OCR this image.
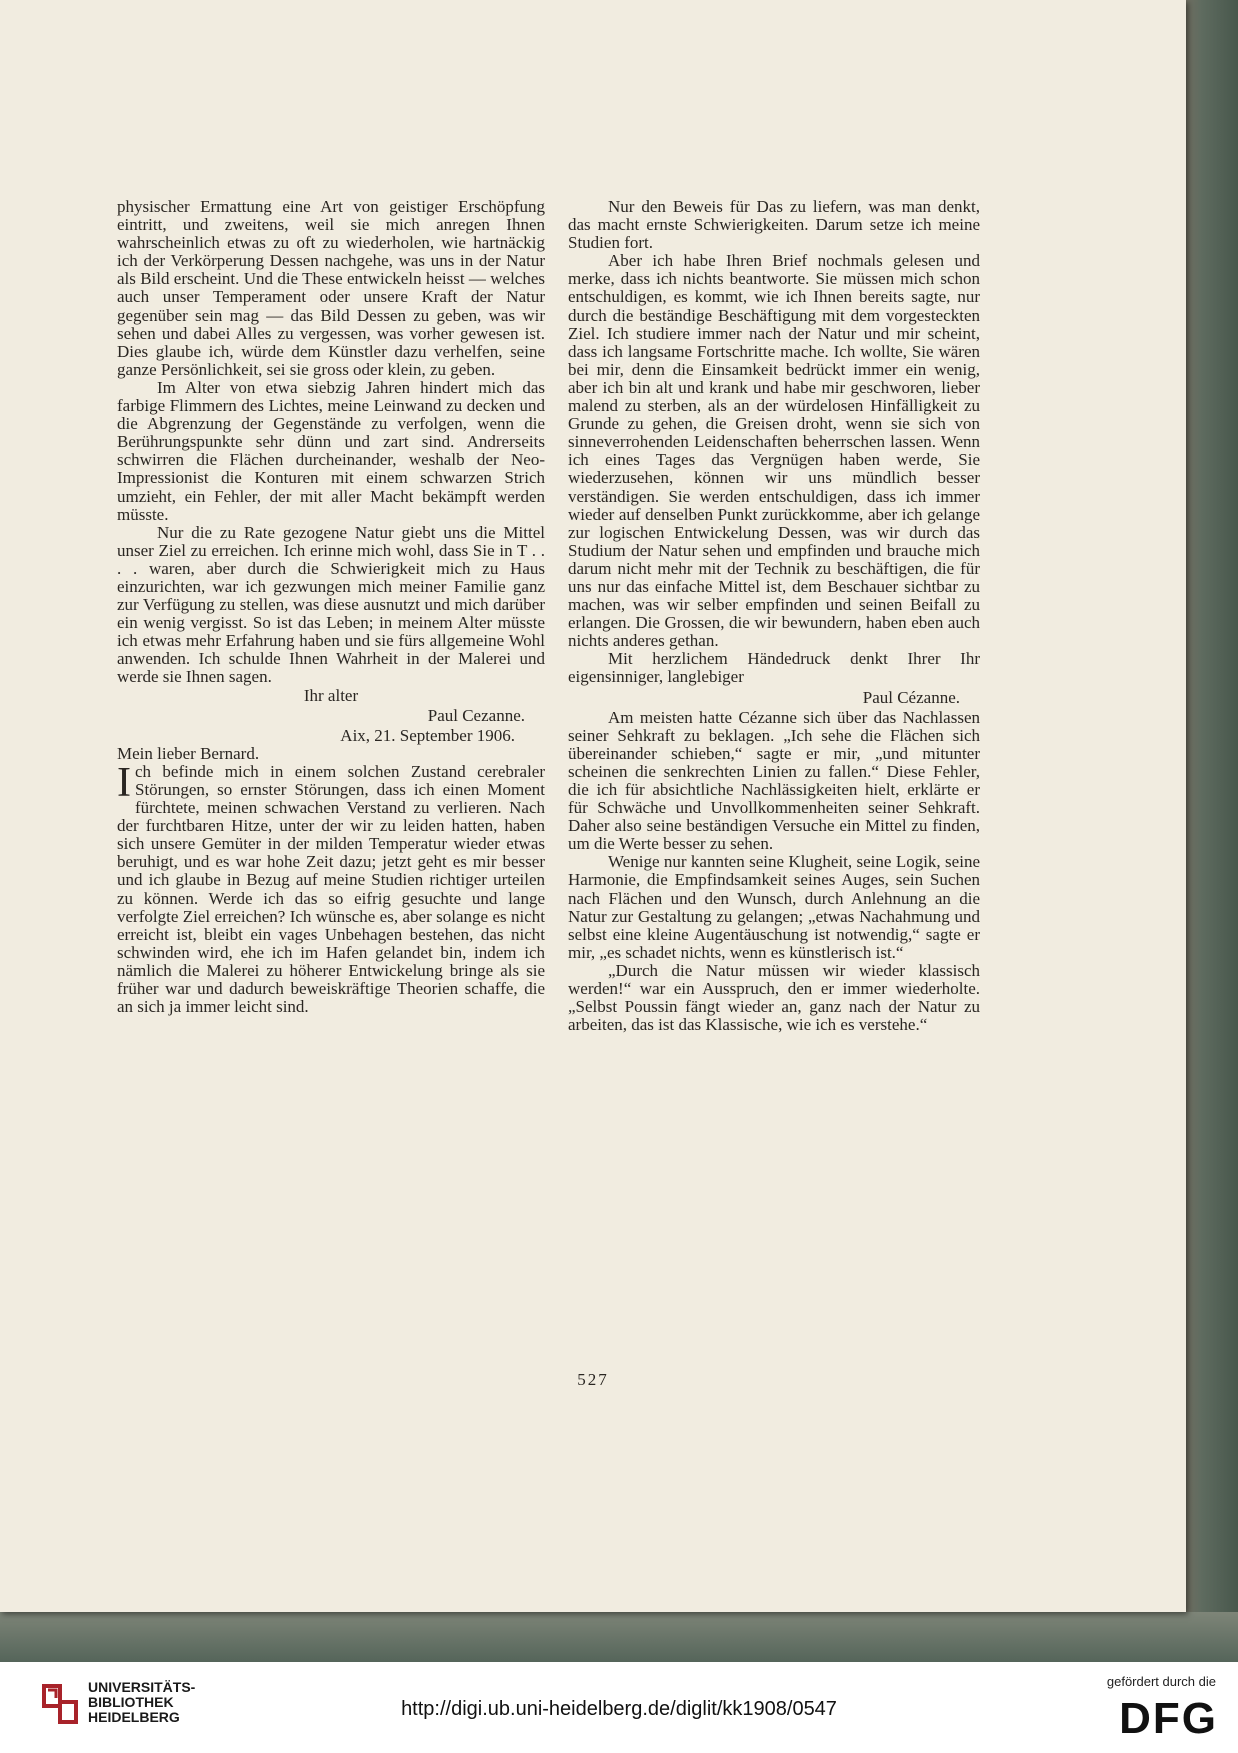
physischer Ermattung eine Art von geistiger Erschöpfung eintritt, und zweitens, weil sie mich anregen Ihnen wahrscheinlich etwas zu oft zu wiederholen, wie hartnäckig ich der Verkörperung Dessen nachgehe, was uns in der Natur als Bild erscheint. Und die These entwickeln heisst — welches auch unser Temperament oder unsere Kraft der Natur gegenüber sein mag — das Bild Dessen zu geben, was wir sehen und dabei Alles zu vergessen, was vorher gewesen ist. Dies glaube ich, würde dem Künstler dazu verhelfen, seine ganze Persönlichkeit, sei sie gross oder klein, zu geben.

Im Alter von etwa siebzig Jahren hindert mich das farbige Flimmern des Lichtes, meine Leinwand zu decken und die Abgrenzung der Gegenstände zu verfolgen, wenn die Berührungspunkte sehr dünn und zart sind. Andrerseits schwirren die Flächen durcheinander, weshalb der Neo-Impressionist die Konturen mit einem schwarzen Strich umzieht, ein Fehler, der mit aller Macht bekämpft werden müsste.

Nur die zu Rate gezogene Natur giebt uns die Mittel unser Ziel zu erreichen. Ich erinne mich wohl, dass Sie in T . . . . waren, aber durch die Schwierigkeit mich zu Haus einzurichten, war ich gezwungen mich meiner Familie ganz zur Verfügung zu stellen, was diese ausnutzt und mich darüber ein wenig vergisst. So ist das Leben; in meinem Alter müsste ich etwas mehr Erfahrung haben und sie fürs allgemeine Wohl anwenden. Ich schulde Ihnen Wahrheit in der Malerei und werde sie Ihnen sagen.

Ihr alter

Paul Cezanne.

Aix, 21. September 1906.

Mein lieber Bernard.

Ich befinde mich in einem solchen Zustand cerebraler Störungen, so ernster Störungen, dass ich einen Moment fürchtete, meinen schwachen Verstand zu verlieren. Nach der furchtbaren Hitze, unter der wir zu leiden hatten, haben sich unsere Gemüter in der milden Temperatur wieder etwas beruhigt, und es war hohe Zeit dazu; jetzt geht es mir besser und ich glaube in Bezug auf meine Studien richtiger urteilen zu können. Werde ich das so eifrig gesuchte und lange verfolgte Ziel erreichen? Ich wünsche es, aber solange es nicht erreicht ist, bleibt ein vages Unbehagen bestehen, das nicht schwinden wird, ehe ich im Hafen gelandet bin, indem ich nämlich die Malerei zu höherer Entwickelung bringe als sie früher war und dadurch beweiskräftige Theorien schaffe, die an sich ja immer leicht sind.

Nur den Beweis für Das zu liefern, was man denkt, das macht ernste Schwierigkeiten. Darum setze ich meine Studien fort.

Aber ich habe Ihren Brief nochmals gelesen und merke, dass ich nichts beantworte. Sie müssen mich schon entschuldigen, es kommt, wie ich Ihnen bereits sagte, nur durch die beständige Beschäftigung mit dem vorgesteckten Ziel. Ich studiere immer nach der Natur und mir scheint, dass ich langsame Fortschritte mache. Ich wollte, Sie wären bei mir, denn die Einsamkeit bedrückt immer ein wenig, aber ich bin alt und krank und habe mir geschworen, lieber malend zu sterben, als an der würdelosen Hinfälligkeit zu Grunde zu gehen, die Greisen droht, wenn sie sich von sinneverrohenden Leidenschaften beherrschen lassen. Wenn ich eines Tages das Vergnügen haben werde, Sie wiederzusehen, können wir uns mündlich besser verständigen. Sie werden entschuldigen, dass ich immer wieder auf denselben Punkt zurückkomme, aber ich gelange zur logischen Entwickelung Dessen, was wir durch das Studium der Natur sehen und empfinden und brauche mich darum nicht mehr mit der Technik zu beschäftigen, die für uns nur das einfache Mittel ist, dem Beschauer sichtbar zu machen, was wir selber empfinden und seinen Beifall zu erlangen. Die Grossen, die wir bewundern, haben eben auch nichts anderes gethan.

Mit herzlichem Händedruck denkt Ihrer Ihr eigensinniger, langlebiger

Paul Cézanne.

Am meisten hatte Cézanne sich über das Nachlassen seiner Sehkraft zu beklagen. „Ich sehe die Flächen sich übereinander schieben,“ sagte er mir, „und mitunter scheinen die senkrechten Linien zu fallen.“ Diese Fehler, die ich für absichtliche Nachlässigkeiten hielt, erklärte er für Schwäche und Unvollkommenheiten seiner Sehkraft. Daher also seine beständigen Versuche ein Mittel zu finden, um die Werte besser zu sehen.

Wenige nur kannten seine Klugheit, seine Logik, seine Harmonie, die Empfindsamkeit seines Auges, sein Suchen nach Flächen und den Wunsch, durch Anlehnung an die Natur zur Gestaltung zu gelangen; „etwas Nachahmung und selbst eine kleine Augentäuschung ist notwendig,“ sagte er mir, „es schadet nichts, wenn es künstlerisch ist.“

„Durch die Natur müssen wir wieder klassisch werden!“ war ein Ausspruch, den er immer wiederholte. „Selbst Poussin fängt wieder an, ganz nach der Natur zu arbeiten, das ist das Klassische, wie ich es verstehe.“

527
UNIVERSITÄTS-
BIBLIOTHEK
HEIDELBERG	http://digi.ub.uni-heidelberg.de/diglit/kk1908/0547
gefördert durch die
DFG
